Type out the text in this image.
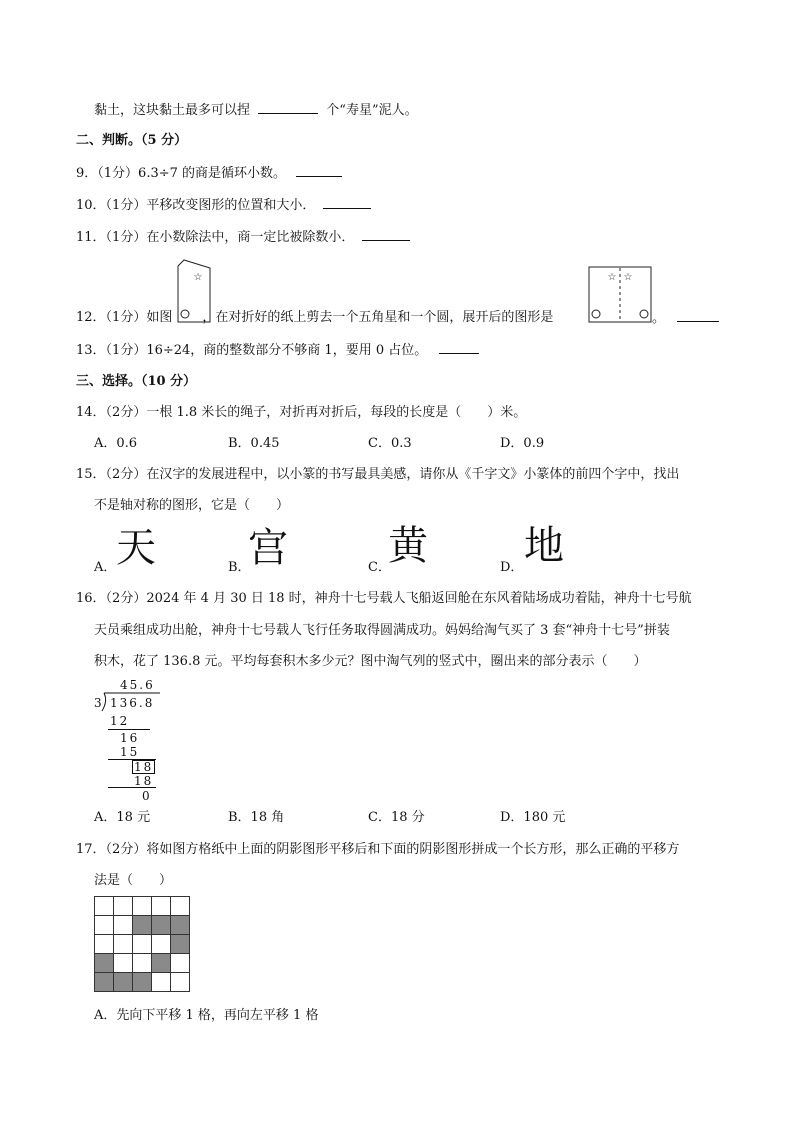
黏土，这块黏土最多可以捏	个“寿星”泥人。
二、判断。（5 分）
9．（1分）6.3÷7 的商是循环小数。
10．（1分）平移改变图形的位置和大小．
11．（1分）在小数除法中，商一定比被除数小．
☆	☆ ☆
12．（1分）如图 ，在对折好的纸上剪去一个五角星和一个圆，展开后的图形是	。
13．（1分）16÷24，商的整数部分不够商 1，要用 0 占位。
三、选择。（10 分）
14．（2分）一根 1.8 米长的绳子，对折再对折后，每段的长度是（　　）米。
A．0.6	B．0.45	C．0.3	D．0.9
15．（2分）在汉字的发展进程中，以小篆的书写最具美感，请你从《千字文》小篆体的前四个字中，找出
不是轴对称的图形，它是（　　）
A． 天	B．
宫	C．
黄	D． 地
16．（2分）2024 年 4 月 30 日 18 时，神舟十七号载人飞船返回舱在东风着陆场成功着陆，神舟十七号航
天员乘组成功出舱，神舟十七号载人飞行任务取得圆满成功。妈妈给淘气买了 3 套“神舟十七号”拼装
积木，花了 136.8 元。平均每套积木多少元？图中淘气列的竖式中，圈出来的部分表示（　　）
45.6
3 136.8
12
16
15
18
18
0
A．18 元	B．18 角	C．18 分	D．180 元
17．（2分）将如图方格纸中上面的阴影图形平移后和下面的阴影图形拼成一个长方形，那么正确的平移方
法是（　　）

A．先向下平移 1 格，再向左平移 1 格
